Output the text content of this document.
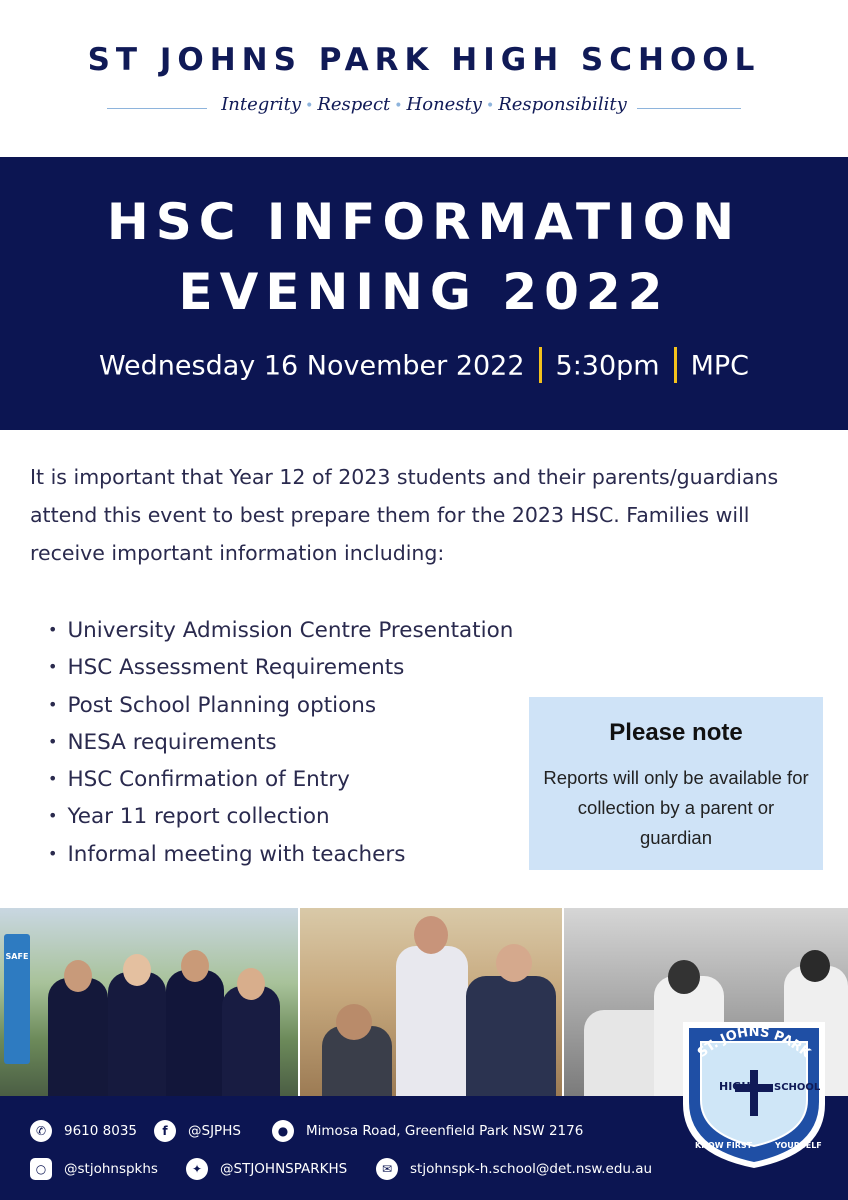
ST JOHNS PARK HIGH SCHOOL
Integrity • Respect • Honesty • Responsibility
HSC INFORMATION
EVENING 2022
Wednesday 16 November 2022 5:30pm MPC

It is important that Year 12 of 2023 students and their parents/guardians attend this event to best prepare them for the 2023 HSC. Families will receive important information including:

• University Admission Centre Presentation
• HSC Assessment Requirements
• Post School Planning options
• NESA requirements
• HSC Confirmation of Entry
• Year 11 report collection
• Informal meeting with teachers
Please note
Reports will only be available for collection by a parent or guardian
SAFE
✆	9610 8035	f	@SJPHS	●	Mimosa Road, Greenfield Park NSW 2176
○	@stjohnspkhs	✦	@STJOHNSPARKHS	✉	stjohnspk-h.school@det.nsw.edu.au
ST. JOHNS PARK
HIGH SCHOOL
KNOW FIRST	YOURSELF
